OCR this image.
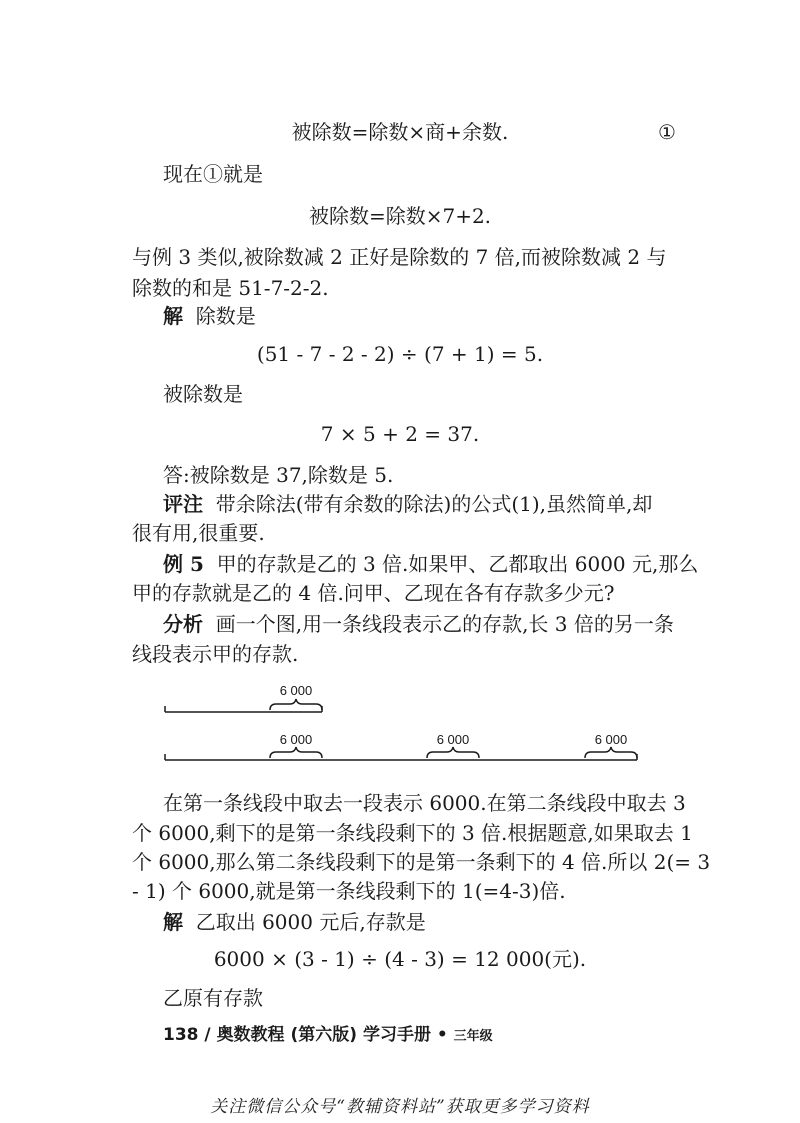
被除数=除数×商+余数.	①
现在①就是
被除数=除数×7+2.
与例 3 类似,被除数减 2 正好是除数的 7 倍,而被除数减 2 与
除数的和是 51-7-2-2.
解 除数是
(51 - 7 - 2 - 2) ÷ (7 + 1) = 5.
被除数是
7 × 5 + 2 = 37.
答:被除数是 37,除数是 5.
评注 带余除法(带有余数的除法)的公式(1),虽然简单,却
很有用,很重要.
例 5 甲的存款是乙的 3 倍.如果甲、乙都取出 6000 元,那么
甲的存款就是乙的 4 倍.问甲、乙现在各有存款多少元?
分析 画一个图,用一条线段表示乙的存款,长 3 倍的另一条
线段表示甲的存款.
6 000
6 000	6 000	6 000
在第一条线段中取去一段表示 6000.在第二条线段中取去 3
个 6000,剩下的是第一条线段剩下的 3 倍.根据题意,如果取去 1
个 6000,那么第二条线段剩下的是第一条剩下的 4 倍.所以 2(= 3
- 1) 个 6000,就是第一条线段剩下的 1(=4-3)倍.
解 乙取出 6000 元后,存款是
6000 × (3 - 1) ÷ (4 - 3) = 12 000(元).
乙原有存款
138 / 奥数教程 (第六版) 学习手册 • 三年级
关注微信公众号“教辅资料站”获取更多学习资料
